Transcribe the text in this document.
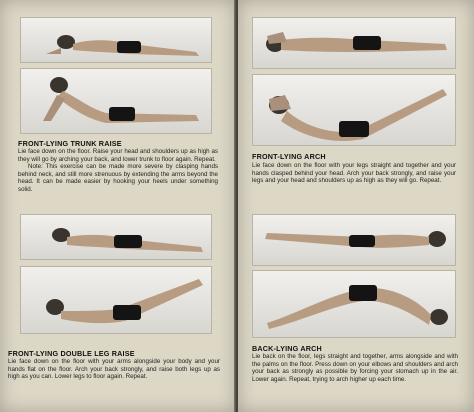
FRONT-LYING TRUNK RAISE

Lie face down on the floor. Raise your head and shoulders up as high as they will go by arching your back, and lower trunk to floor again. Repeat.

Note: This exercise can be made more severe by clasping hands behind neck, and still more strenuous by extending the arms beyond the head. It can be made easier by hooking your heels under something solid.

FRONT-LYING DOUBLE LEG RAISE

Lie face down on the floor with your arms alongside your body and your hands flat on the floor. Arch your back strongly, and raise both legs up as high as you can. Lower legs to floor again. Repeat.

FRONT-LYING ARCH

Lie face down on the floor with your legs straight and together and your hands clasped behind your head. Arch your back strongly, and raise your legs and your head and shoulders up as high as they will go. Repeat.

BACK-LYING ARCH

Lie back on the floor, legs straight and together, arms alongside and with the palms on the floor. Press down on your elbows and shoulders and arch your back as strongly as possible by forcing your stomach up in the air. Lower again. Repeat, trying to arch higher up each time.
